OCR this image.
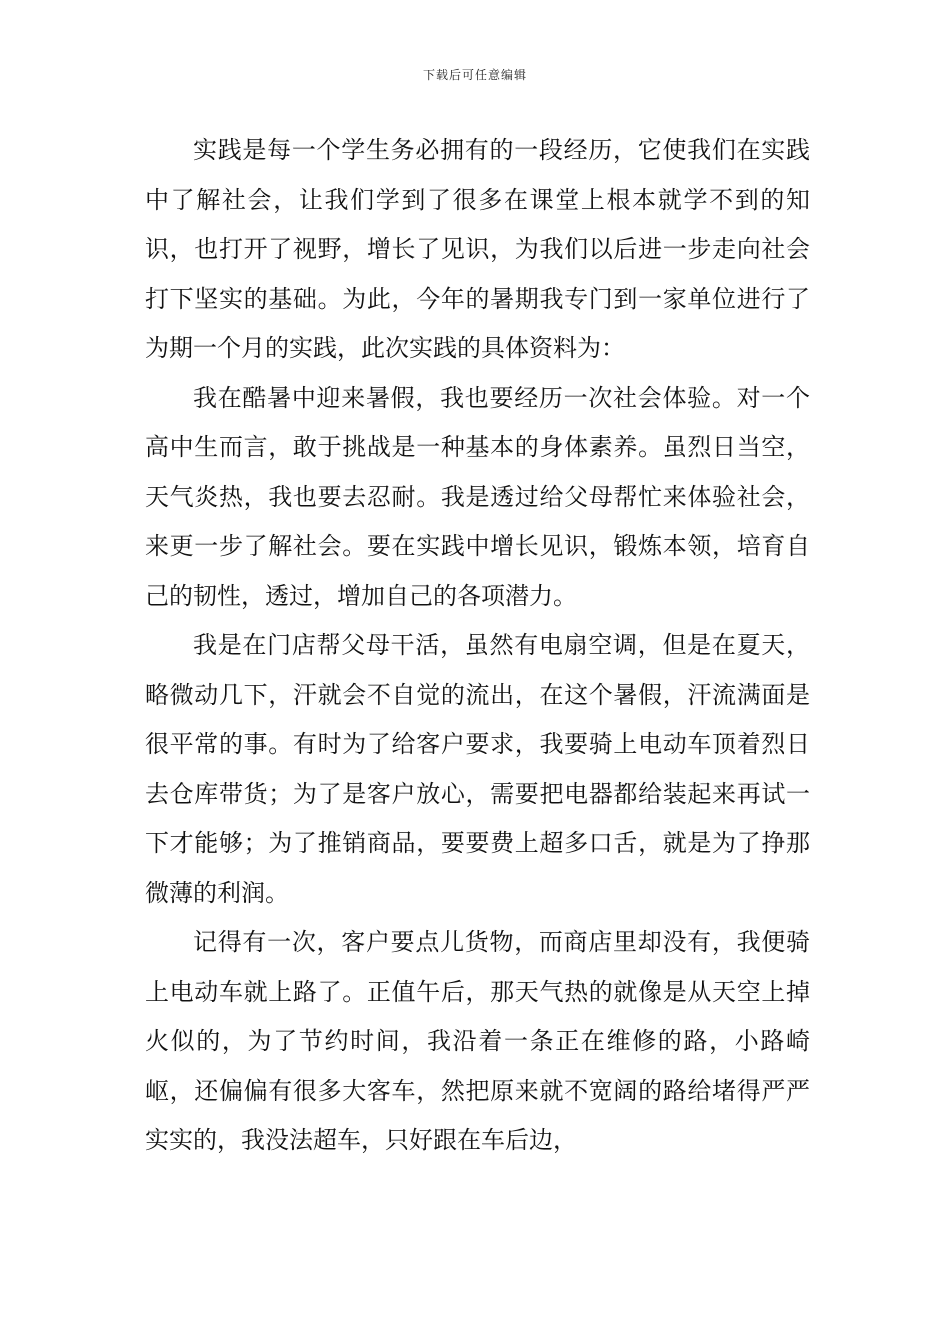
下载后可任意编辑

实践是每一个学生务必拥有的一段经历，它使我们在实践中了解社会，让我们学到了很多在课堂上根本就学不到的知识，也打开了视野，增长了见识，为我们以后进一步走向社会打下坚实的基础。为此，今年的暑期我专门到一家单位进行了为期一个月的实践，此次实践的具体资料为：

我在酷暑中迎来暑假，我也要经历一次社会体验。对一个高中生而言，敢于挑战是一种基本的身体素养。虽烈日当空，天气炎热，我也要去忍耐。我是透过给父母帮忙来体验社会，来更一步了解社会。要在实践中增长见识，锻炼本领，培育自己的韧性，透过，增加自己的各项潜力。

我是在门店帮父母干活，虽然有电扇空调，但是在夏天，略微动几下，汗就会不自觉的流出，在这个暑假，汗流满面是很平常的事。有时为了给客户要求，我要骑上电动车顶着烈日去仓库带货；为了是客户放心，需要把电器都给装起来再试一下才能够；为了推销商品，要要费上超多口舌，就是为了挣那微薄的利润。

记得有一次，客户要点儿货物，而商店里却没有，我便骑上电动车就上路了。正值午后，那天气热的就像是从天空上掉火似的，为了节约时间，我沿着一条正在维修的路，小路崎岖，还偏偏有很多大客车，然把原来就不宽阔的路给堵得严严实实的，我没法超车，只好跟在车后边，
